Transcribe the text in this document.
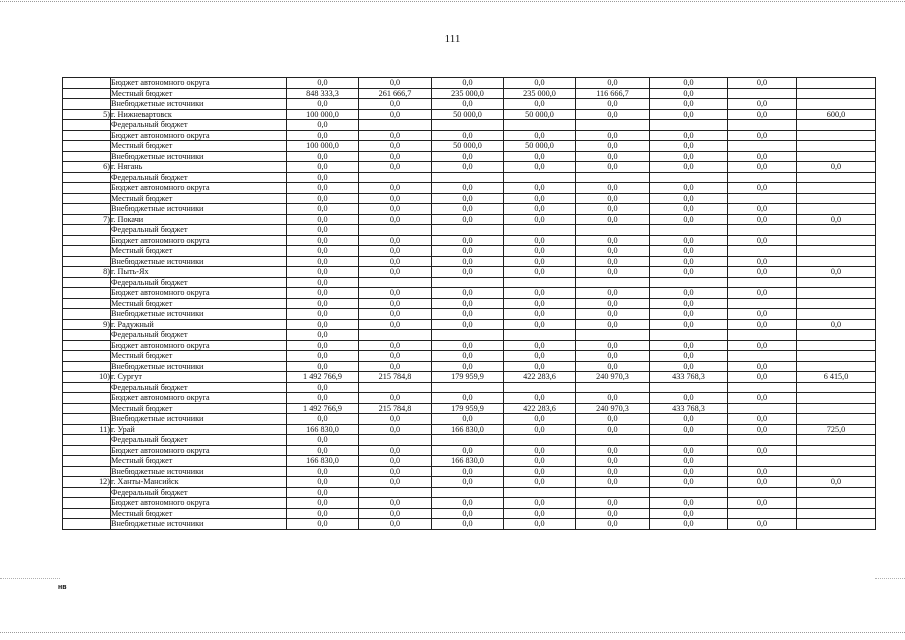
111
	Бюджет автономного округа	0,0	0,0	0,0	0,0	0,0	0,0	0,0	
	Местный бюджет	848 333,3	261 666,7	235 000,0	235 000,0	116 666,7	0,0		
	Внебюджетные источники	0,0	0,0	0,0	0,0	0,0	0,0	0,0	
5)	г. Нижневартовск	100 000,0	0,0	50 000,0	50 000,0	0,0	0,0	0,0	600,0
	Федеральный бюджет	0,0							
	Бюджет автономного округа	0,0	0,0	0,0	0,0	0,0	0,0	0,0	
	Местный бюджет	100 000,0	0,0	50 000,0	50 000,0	0,0	0,0		
	Внебюджетные источники	0,0	0,0	0,0	0,0	0,0	0,0	0,0	
6)	г. Нягань	0,0	0,0	0,0	0,0	0,0	0,0	0,0	0,0
	Федеральный бюджет	0,0							
	Бюджет автономного округа	0,0	0,0	0,0	0,0	0,0	0,0	0,0	
	Местный бюджет	0,0	0,0	0,0	0,0	0,0	0,0		
	Внебюджетные источники	0,0	0,0	0,0	0,0	0,0	0,0	0,0	
7)	г. Покачи	0,0	0,0	0,0	0,0	0,0	0,0	0,0	0,0
	Федеральный бюджет	0,0							
	Бюджет автономного округа	0,0	0,0	0,0	0,0	0,0	0,0	0,0	
	Местный бюджет	0,0	0,0	0,0	0,0	0,0	0,0		
	Внебюджетные источники	0,0	0,0	0,0	0,0	0,0	0,0	0,0	
8)	г. Пыть-Ях	0,0	0,0	0,0	0,0	0,0	0,0	0,0	0,0
	Федеральный бюджет	0,0							
	Бюджет автономного округа	0,0	0,0	0,0	0,0	0,0	0,0	0,0	
	Местный бюджет	0,0	0,0	0,0	0,0	0,0	0,0		
	Внебюджетные источники	0,0	0,0	0,0	0,0	0,0	0,0	0,0	
9)	г. Радужный	0,0	0,0	0,0	0,0	0,0	0,0	0,0	0,0
	Федеральный бюджет	0,0							
	Бюджет автономного округа	0,0	0,0	0,0	0,0	0,0	0,0	0,0	
	Местный бюджет	0,0	0,0	0,0	0,0	0,0	0,0		
	Внебюджетные источники	0,0	0,0	0,0	0,0	0,0	0,0	0,0	
10)	г. Сургут	1 492 766,9	215 784,8	179 959,9	422 283,6	240 970,3	433 768,3	0,0	6 415,0
	Федеральный бюджет	0,0							
	Бюджет автономного округа	0,0	0,0	0,0	0,0	0,0	0,0	0,0	
	Местный бюджет	1 492 766,9	215 784,8	179 959,9	422 283,6	240 970,3	433 768,3		
	Внебюджетные источники	0,0	0,0	0,0	0,0	0,0	0,0	0,0	
11)	г. Урай	166 830,0	0,0	166 830,0	0,0	0,0	0,0	0,0	725,0
	Федеральный бюджет	0,0							
	Бюджет автономного округа	0,0	0,0	0,0	0,0	0,0	0,0	0,0	
	Местный бюджет	166 830,0	0,0	166 830,0	0,0	0,0	0,0		
	Внебюджетные источники	0,0	0,0	0,0	0,0	0,0	0,0	0,0	
12)	г. Ханты-Мансийск	0,0	0,0	0,0	0,0	0,0	0,0	0,0	0,0
	Федеральный бюджет	0,0							
	Бюджет автономного округа	0,0	0,0	0,0	0,0	0,0	0,0	0,0	
	Местный бюджет	0,0	0,0	0,0	0,0	0,0	0,0		
	Внебюджетные источники	0,0	0,0	0,0	0,0	0,0	0,0	0,0	
нв
